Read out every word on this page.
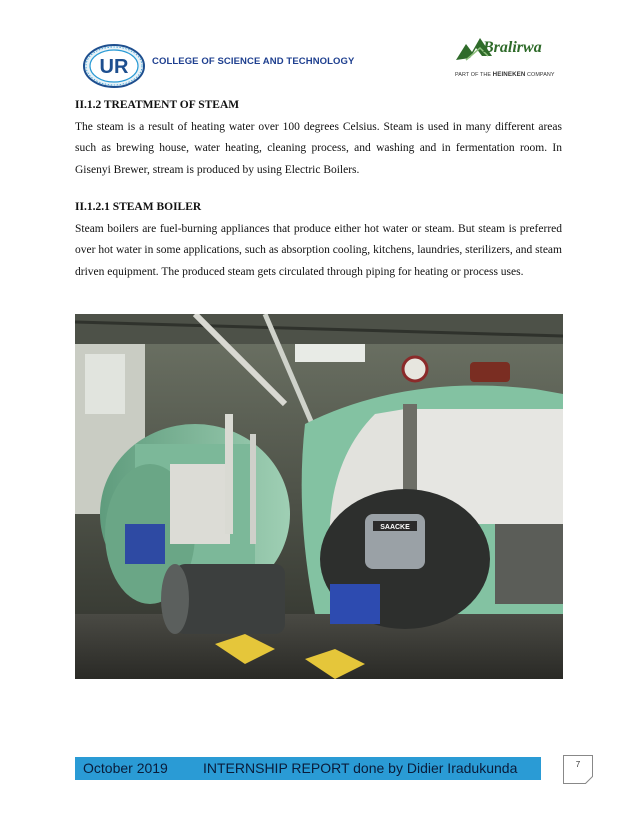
UR COLLEGE OF SCIENCE AND TECHNOLOGY
Bralirwa
PART OF THE HEINEKEN COMPANY
II.1.2 TREATMENT OF STEAM

The steam is a result of heating water over 100 degrees Celsius. Steam is used in many different areas such as brewing house, water heating, cleaning process, and washing and in fermentation room. In Gisenyi Brewer, stream is produced by using Electric Boilers.

II.1.2.1 STEAM BOILER

Steam boilers are fuel-burning appliances that produce either hot water or steam. But steam is preferred over hot water in some applications, such as absorption cooling, kitchens, laundries, sterilizers, and steam driven equipment. The produced steam gets circulated through piping for heating or process uses.

SAACKE
October 2019	INTERNSHIP REPORT done by Didier Iradukunda	7
